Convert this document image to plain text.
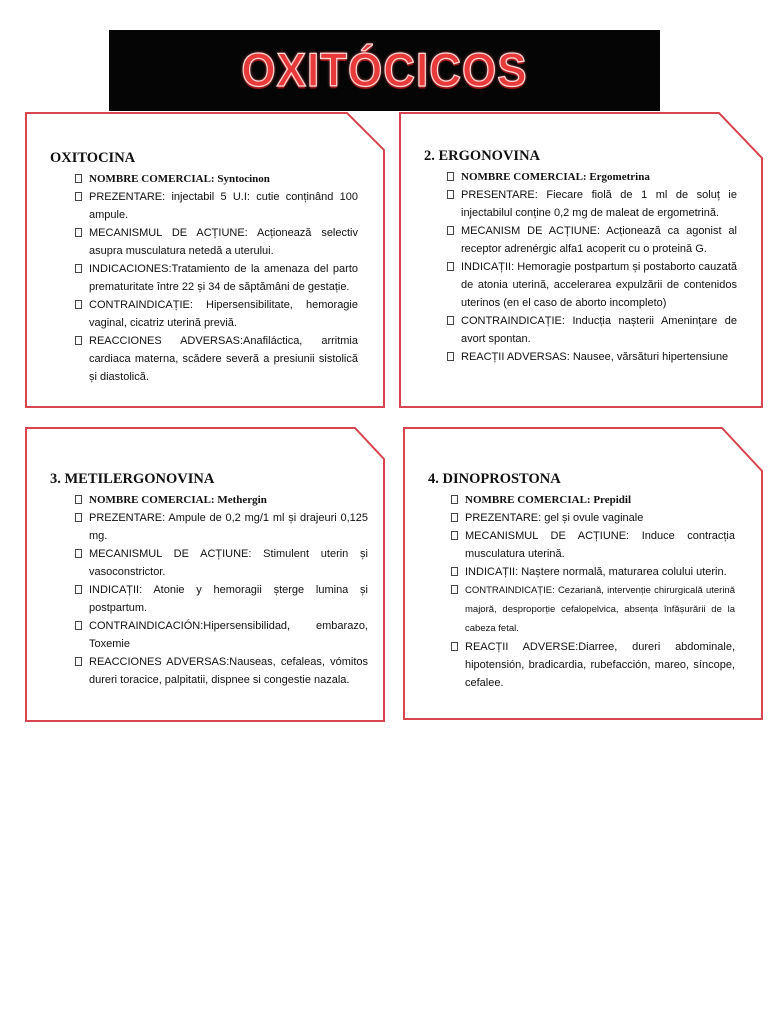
OXITÓCICOS
OXITOCINA
NOMBRE COMERCIAL: Syntocinon
PREZENTARE: injectabil 5 U.I: cutie conținând 100 ampule.
MECANISMUL DE ACȚIUNE: Acționează selectiv asupra musculatura netedă a uterului.
INDICACIONES:Tratamiento de la amenaza del parto prematuritate între 22 și 34 de săptămâni de gestație.
CONTRAINDICAȚIE: Hipersensibilitate, hemoragie vaginal, cicatriz uterină previă.
REACCIONES ADVERSAS:Anafiláctica, arritmia cardiaca materna, scădere severă a presiunii sistolică și diastolică.
2. ERGONOVINA
NOMBRE COMERCIAL: Ergometrina
PRESENTARE: Fiecare fiolă de 1 ml de soluț ie injectabilul conține 0,2 mg de maleat de ergometrină.
MECANISM DE ACȚIUNE: Acționează ca agonist al receptor adrenérgic alfa1 acoperit cu o proteină G.
INDICAȚII: Hemoragie postpartum și postaborto cauzată de atonia uterină, accelerarea expulzării de contenidos uterinos (en el caso de aborto incompleto)
CONTRAINDICAȚIE: Inducția nașterii Amenințare de avort spontan.
REACȚII ADVERSAS: Nausee, vărsături hipertensiune
3. METILERGONOVINA
NOMBRE COMERCIAL: Methergin
PREZENTARE: Ampule de 0,2 mg/1 ml și drajeuri 0,125 mg.
MECANISMUL DE ACȚIUNE: Stimulent uterin și vasoconstrictor.
INDICAȚII: Atonie y hemoragii șterge lumina și postpartum.
CONTRAINDICACIÓN:Hipersensibilidad, embarazo, Toxemie
REACCIONES ADVERSAS:Nauseas, cefaleas, vómitos dureri toracice, palpitatii, dispnee si congestie nazala.
4. DINOPROSTONA
NOMBRE COMERCIAL: Prepidil
PREZENTARE: gel și ovule vaginale
MECANISMUL DE ACȚIUNE: Induce contracția musculatura uterină.
INDICAȚII: Naștere normală, maturarea colului uterin.
CONTRAINDICAȚIE: Cezariană, intervenție chirurgicală uterină majoră, desproporție cefalopelvica, absența înfășurării de la cabeza fetal.
REACȚII ADVERSE:Diarree, dureri abdominale, hipotensión, bradicardia, rubefacción, mareo, síncope, cefalee.
